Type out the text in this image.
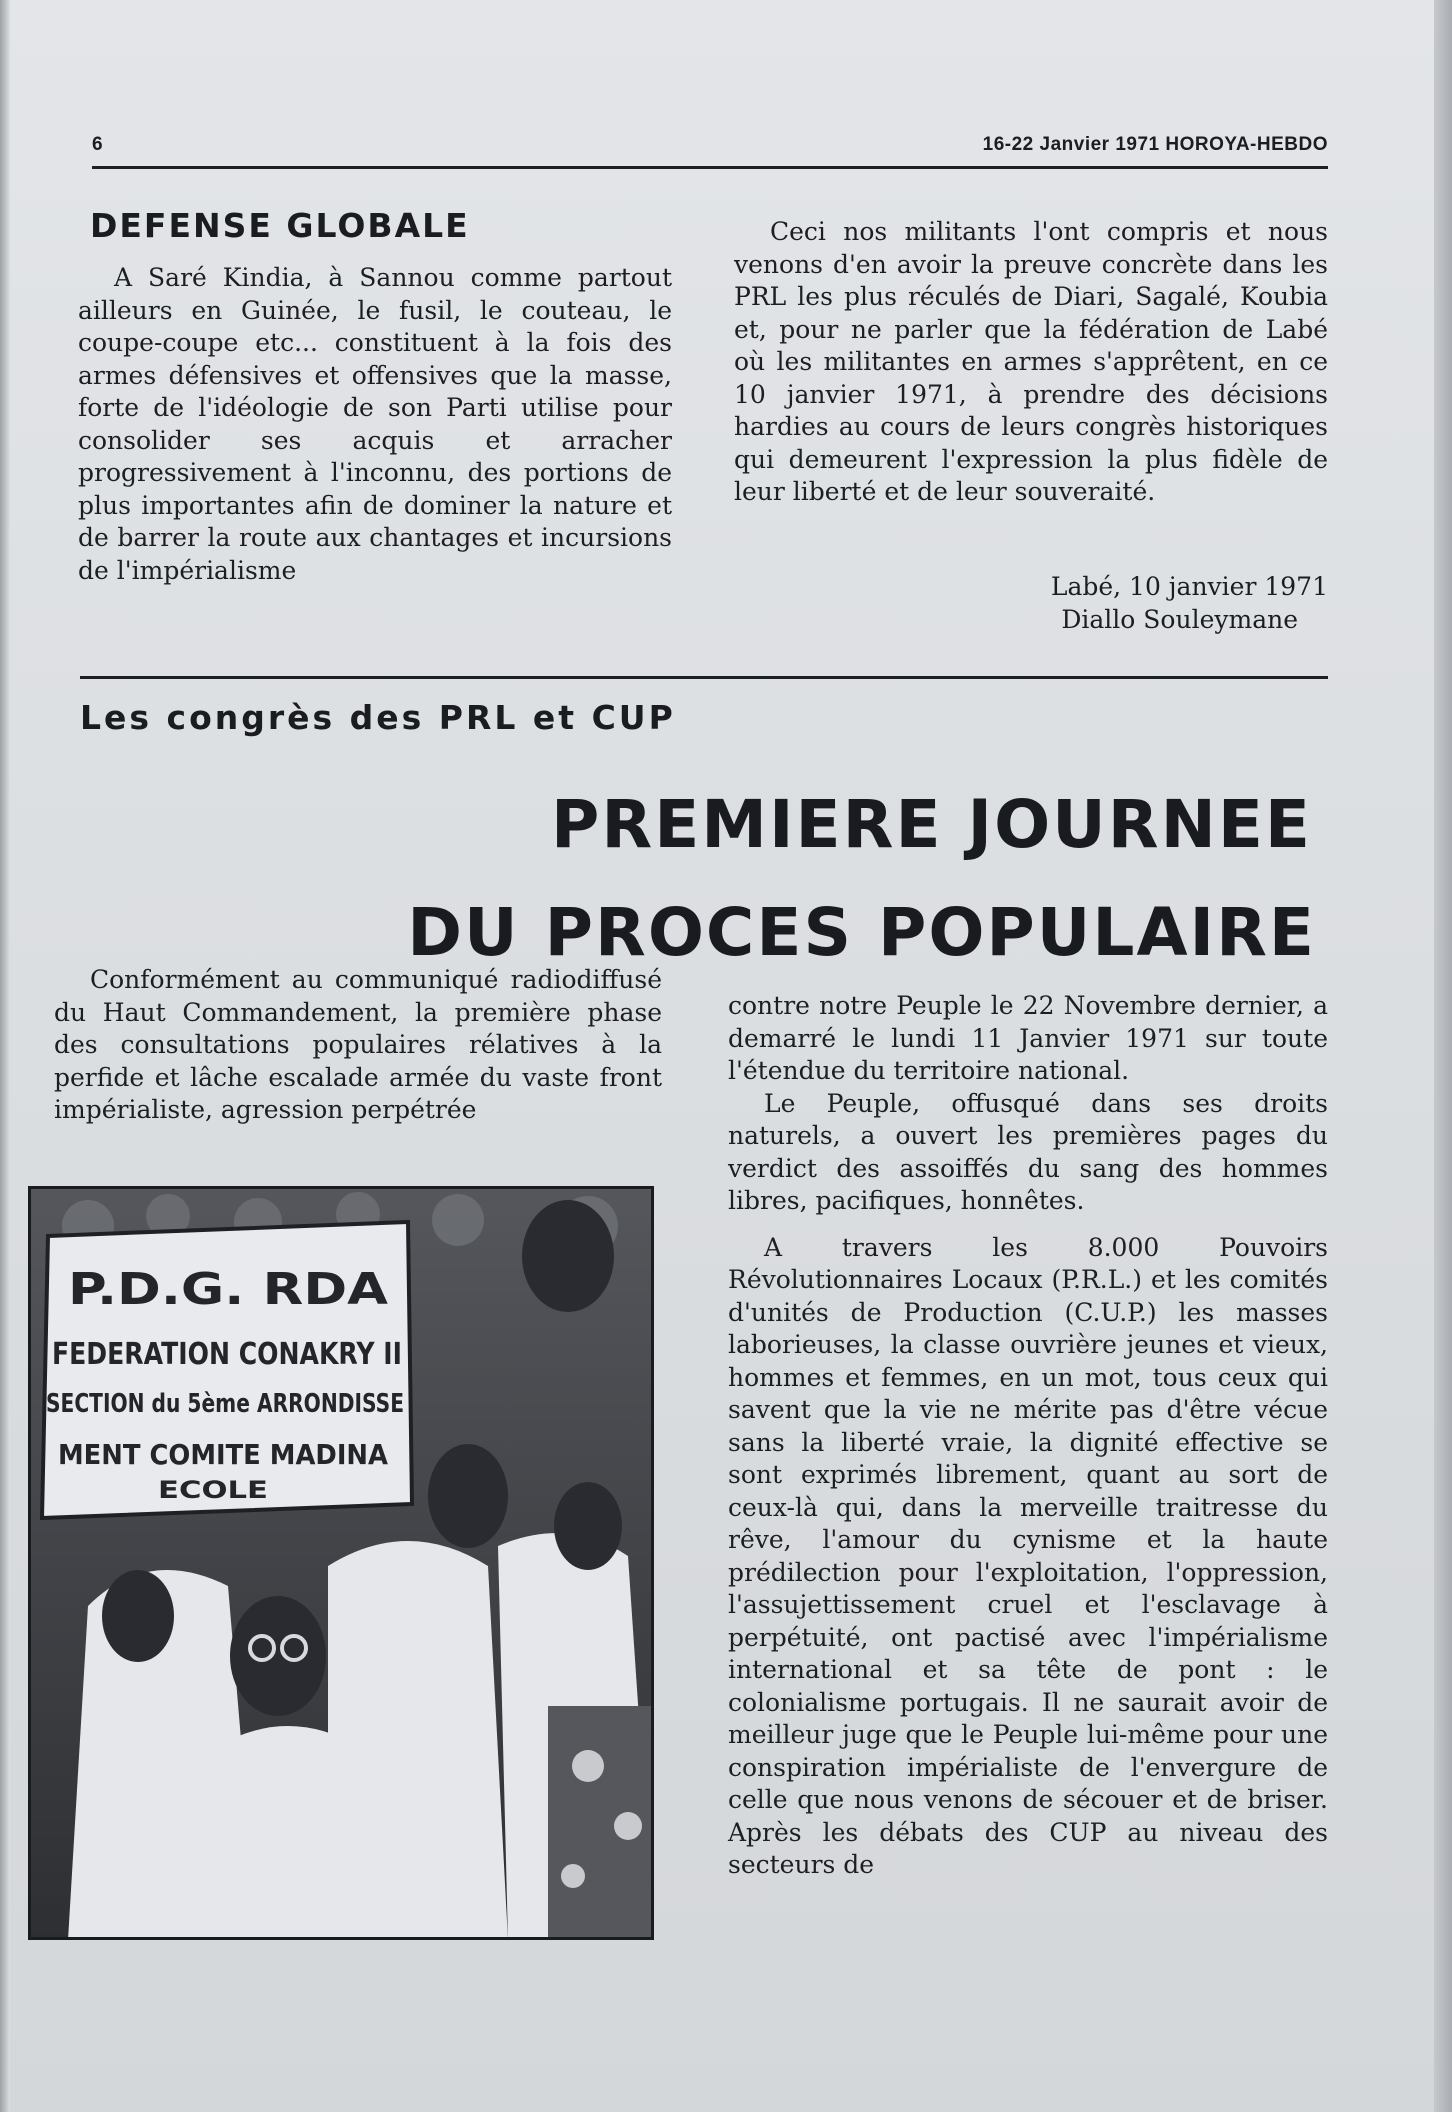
6	16-22 Janvier 1971 HOROYA-HEBDO
DEFENSE GLOBALE

A Saré Kindia, à Sannou comme partout ailleurs en Guinée, le fusil, le couteau, le coupe-coupe etc... constituent à la fois des armes défensives et offensives que la masse, forte de l'idéologie de son Parti utilise pour consolider ses acquis et arracher progressivement à l'inconnu, des portions de plus importantes afin de dominer la nature et de barrer la route aux chantages et incursions de l'impérialisme

Ceci nos militants l'ont compris et nous venons d'en avoir la preuve concrète dans les PRL les plus réculés de Diari, Sagalé, Koubia et, pour ne parler que la fédération de Labé où les militantes en armes s'apprêtent, en ce 10 janvier 1971, à prendre des décisions hardies au cours de leurs congrès historiques qui demeurent l'expression la plus fidèle de leur liberté et de leur souveraité.

Labé, 10 janvier 1971
Diallo Souleymane
Les congrès des PRL et CUP
PREMIERE JOURNEE
DU PROCES POPULAIRE

Conformément au communiqué radiodiffusé du Haut Commandement, la première phase des consultations populaires rélatives à la perfide et lâche escalade armée du vaste front impérialiste, agression perpétrée

contre notre Peuple le 22 Novembre dernier, a demarré le lundi 11 Janvier 1971 sur toute l'étendue du territoire national.

Le Peuple, offusqué dans ses droits naturels, a ouvert les premières pages du verdict des assoiffés du sang des hommes libres, pacifiques, honnêtes.

A travers les 8.000 Pouvoirs Révolutionnaires Locaux (P.R.L.) et les comités d'unités de Production (C.U.P.) les masses laborieuses, la classe ouvrière jeunes et vieux, hommes et femmes, en un mot, tous ceux qui savent que la vie ne mérite pas d'être vécue sans la liberté vraie, la dignité effective se sont exprimés librement, quant au sort de ceux-là qui, dans la merveille traitresse du rêve, l'amour du cynisme et la haute prédilection pour l'exploitation, l'oppression, l'assujettissement cruel et l'esclavage à perpétuité, ont pactisé avec l'impérialisme international et sa tête de pont : le colonialisme portugais. Il ne saurait avoir de meilleur juge que le Peuple lui-même pour une conspiration impérialiste de l'envergure de celle que nous venons de sécouer et de briser. Après les débats des CUP au niveau des secteurs de

P.D.G. RDA
FEDERATION CONAKRY II
SECTION du 5ème ARRONDISSE
MENT COMITE MADINA
ECOLE
